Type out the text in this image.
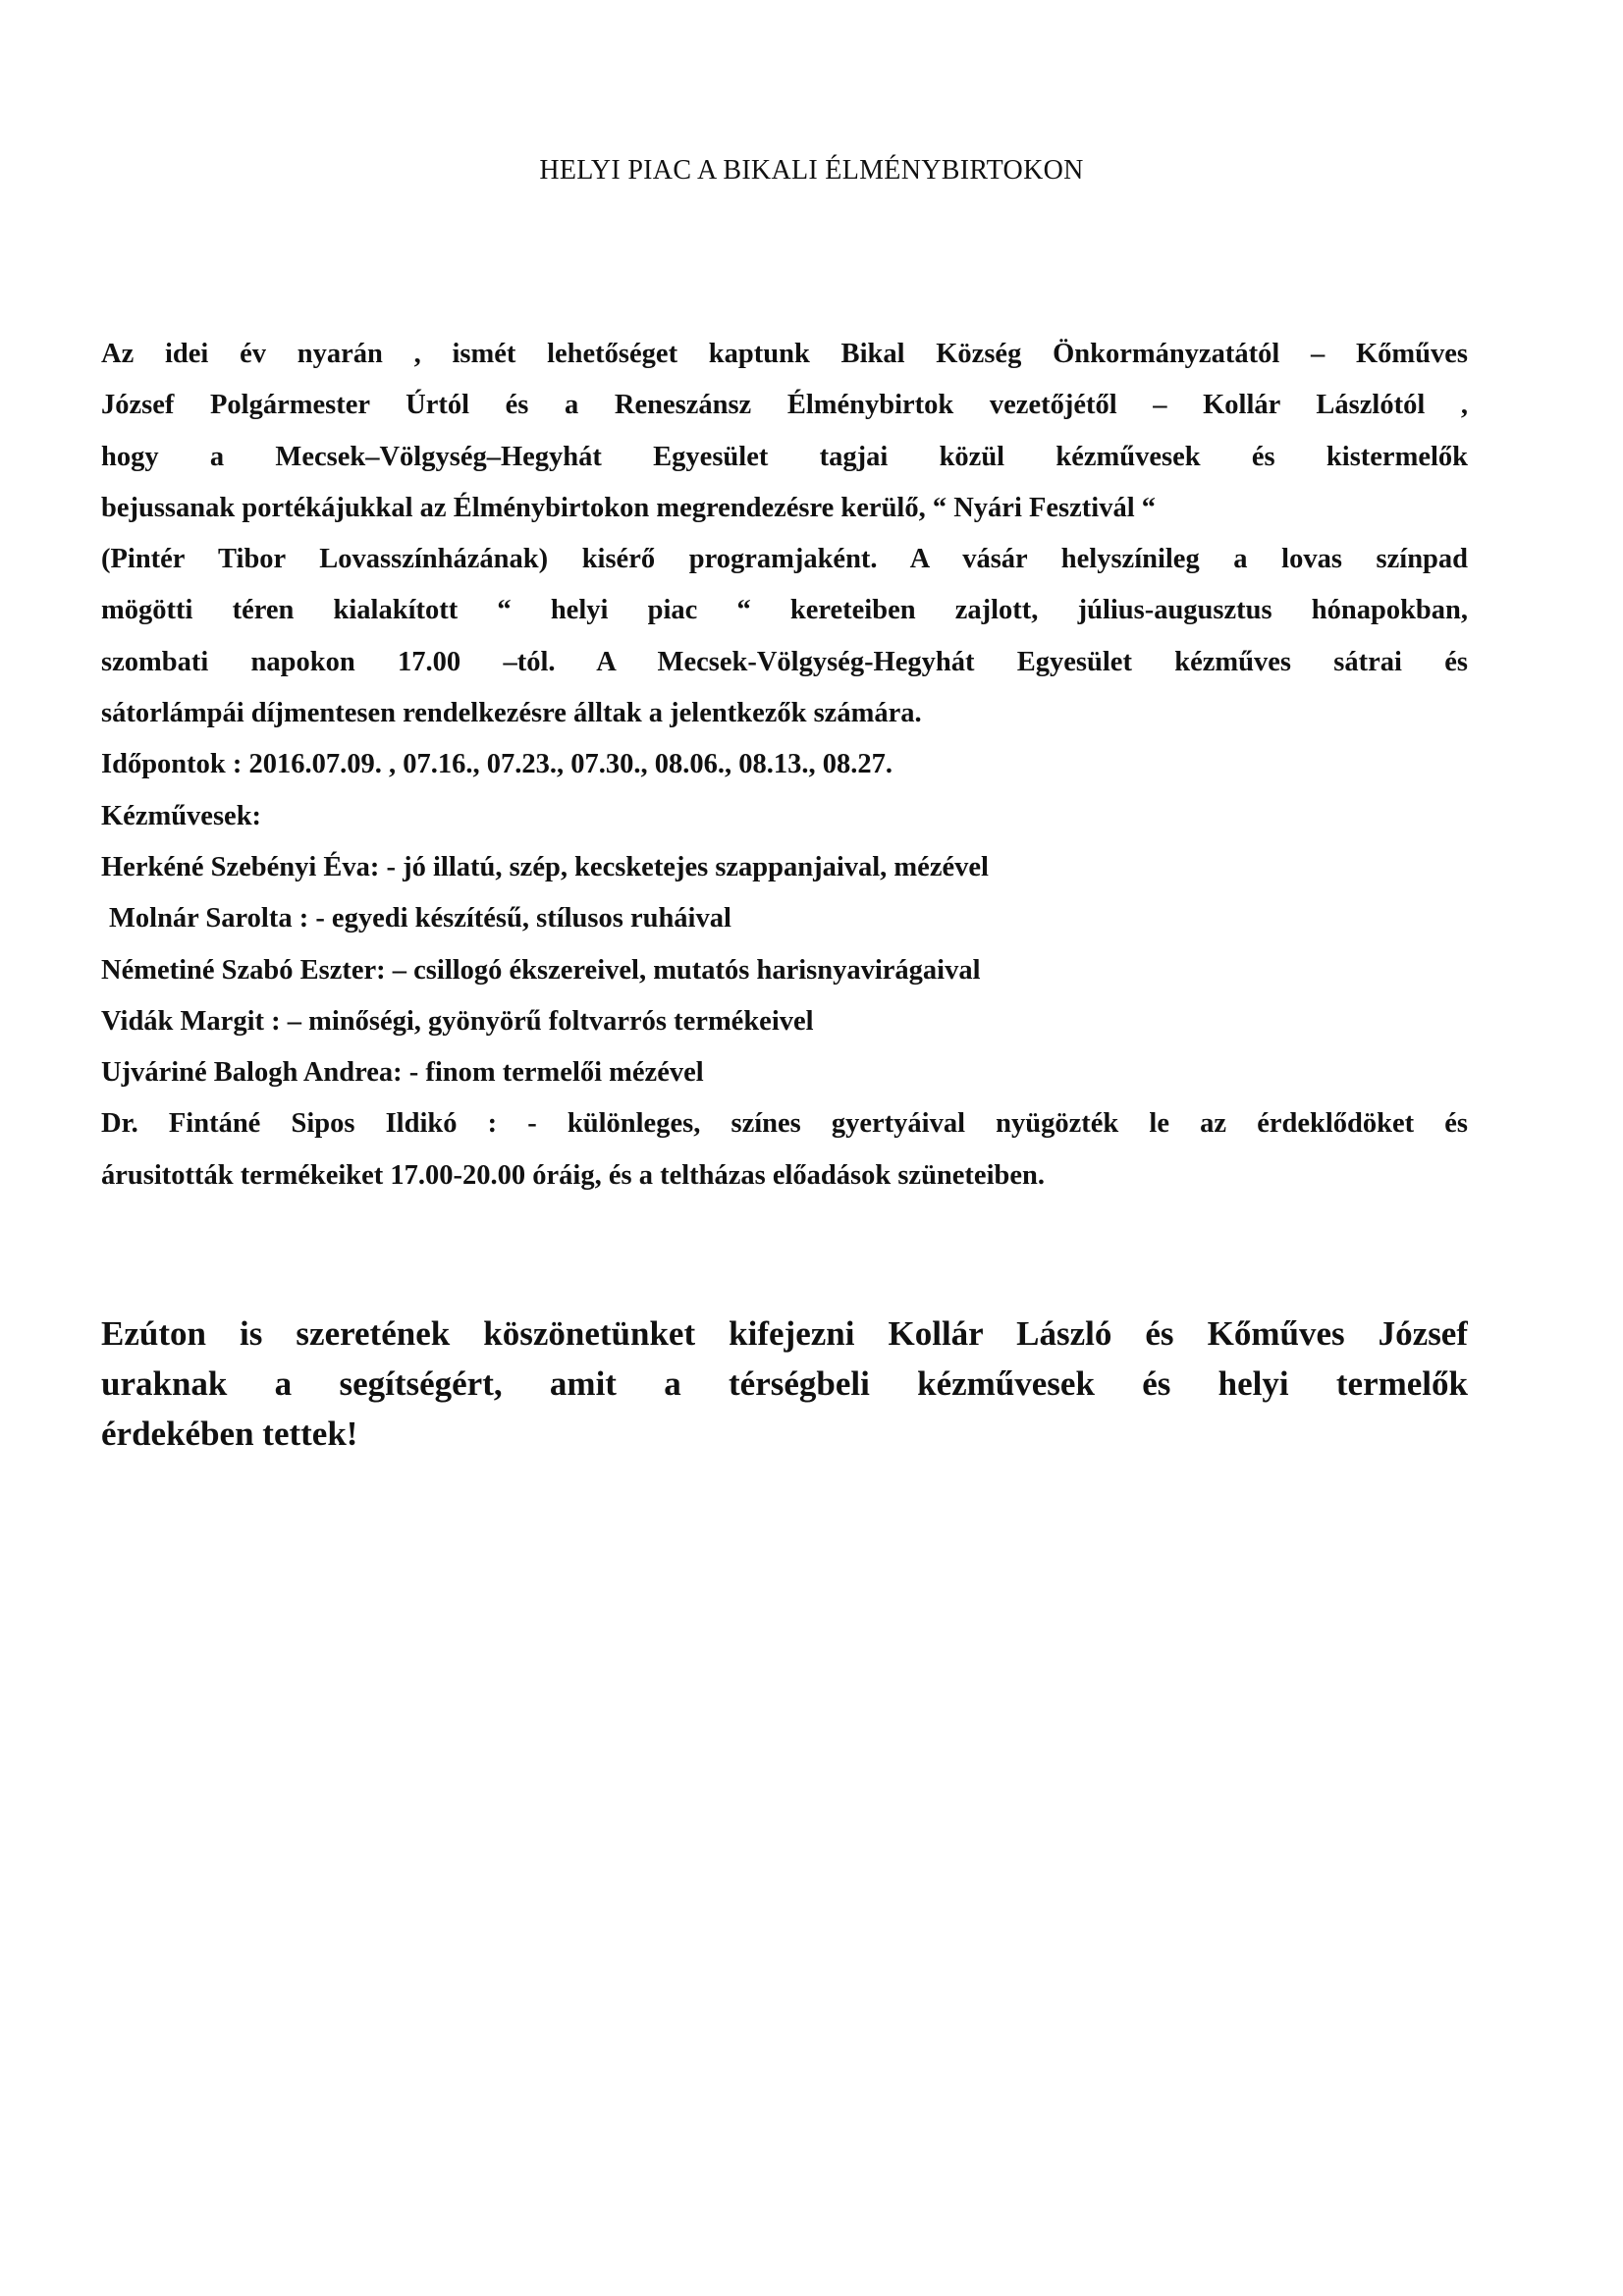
HELYI PIAC A BIKALI ÉLMÉNYBIRTOKON
Az idei év nyarán , ismét lehetőséget kaptunk Bikal Község Önkormányzatától – Kőműves
József Polgármester Úrtól és a Reneszánsz Élménybirtok vezetőjétől – Kollár Lászlótól ,
hogy a Mecsek–Völgység–Hegyhát Egyesület tagjai közül kézművesek és kistermelők
bejussanak portékájukkal az Élménybirtokon megrendezésre kerülő, “ Nyári Fesztivál “
(Pintér Tibor Lovasszínházának) kisérő programjaként. A vásár helyszínileg a lovas színpad
mögötti téren kialakított “ helyi piac “ kereteiben zajlott, július-augusztus hónapokban,
szombati napokon 17.00 –tól. A Mecsek-Völgység-Hegyhát Egyesület kézműves sátrai és
sátorlámpái díjmentesen rendelkezésre álltak a jelentkezők számára.
Időpontok : 2016.07.09. , 07.16., 07.23., 07.30., 08.06., 08.13., 08.27.
Kézművesek:
Herkéné Szebényi Éva: - jó illatú, szép, kecsketejes szappanjaival, mézével
Molnár Sarolta : - egyedi készítésű, stílusos ruháival
Németiné Szabó Eszter: – csillogó ékszereivel, mutatós harisnyavirágaival
Vidák Margit : – minőségi, gyönyörű foltvarrós termékeivel
Ujváriné Balogh Andrea: - finom termelői mézével
Dr. Fintáné Sipos Ildikó : - különleges, színes gyertyáival nyügözték le az érdeklődöket és
árusitották termékeiket 17.00-20.00 óráig, és a teltházas előadások szüneteiben.
Ezúton is szeretének köszönetünket kifejezni Kollár László és Kőműves József
uraknak a segítségért, amit a térségbeli kézművesek és helyi termelők
érdekében tettek!
